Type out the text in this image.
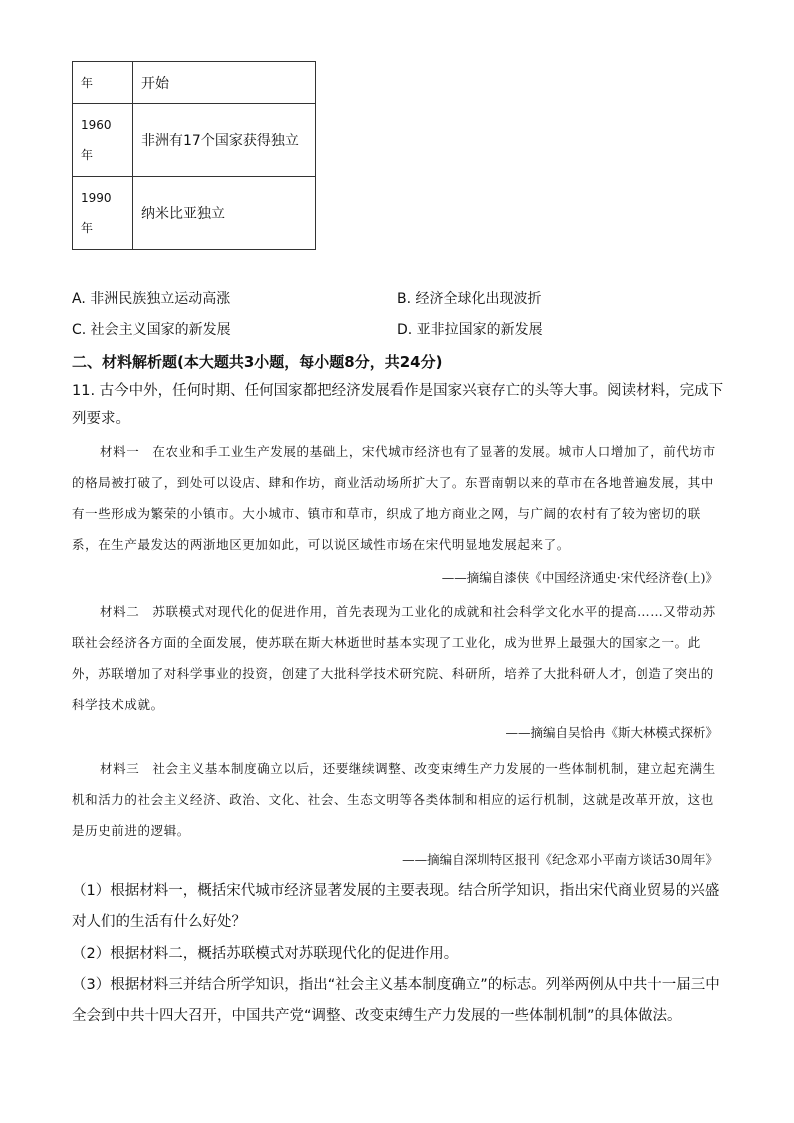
年	开始

1960
年	非洲有17个国家获得独立

1990
年	纳米比亚独立
A. 非洲民族独立运动高涨	B. 经济全球化出现波折
C. 社会主义国家的新发展	D. 亚非拉国家的新发展
二、材料解析题(本大题共3小题，每小题8分，共24分)
11. 古今中外，任何时期、任何国家都把经济发展看作是国家兴衰存亡的头等大事。阅读材料，完成下列要求。
材料一　在农业和手工业生产发展的基础上，宋代城市经济也有了显著的发展。城市人口增加了，前代坊市的格局被打破了，到处可以设店、肆和作坊，商业活动场所扩大了。东晋南朝以来的草市在各地普遍发展，其中有一些形成为繁荣的小镇市。大小城市、镇市和草市，织成了地方商业之网，与广阔的农村有了较为密切的联系，在生产最发达的两浙地区更加如此，可以说区域性市场在宋代明显地发展起来了。
——摘编自漆侠《中国经济通史·宋代经济卷(上)》
材料二　苏联模式对现代化的促进作用，首先表现为工业化的成就和社会科学文化水平的提高……又带动苏联社会经济各方面的全面发展，使苏联在斯大林逝世时基本实现了工业化，成为世界上最强大的国家之一。此外，苏联增加了对科学事业的投资，创建了大批科学技术研究院、科研所，培养了大批科研人才，创造了突出的科学技术成就。
——摘编自吴恰冉《斯大林模式探析》
材料三　社会主义基本制度确立以后，还要继续调整、改变束缚生产力发展的一些体制机制，建立起充满生机和活力的社会主义经济、政治、文化、社会、生态文明等各类体制和相应的运行机制，这就是改革开放，这也是历史前进的逻辑。
——摘编自深圳特区报刊《纪念邓小平南方谈话30周年》
（1）根据材料一，概括宋代城市经济显著发展的主要表现。结合所学知识，指出宋代商业贸易的兴盛对人们的生活有什么好处？
（2）根据材料二，概括苏联模式对苏联现代化的促进作用。
（3）根据材料三并结合所学知识，指出“社会主义基本制度确立”的标志。列举两例从中共十一届三中全会到中共十四大召开，中国共产党“调整、改变束缚生产力发展的一些体制机制”的具体做法。
